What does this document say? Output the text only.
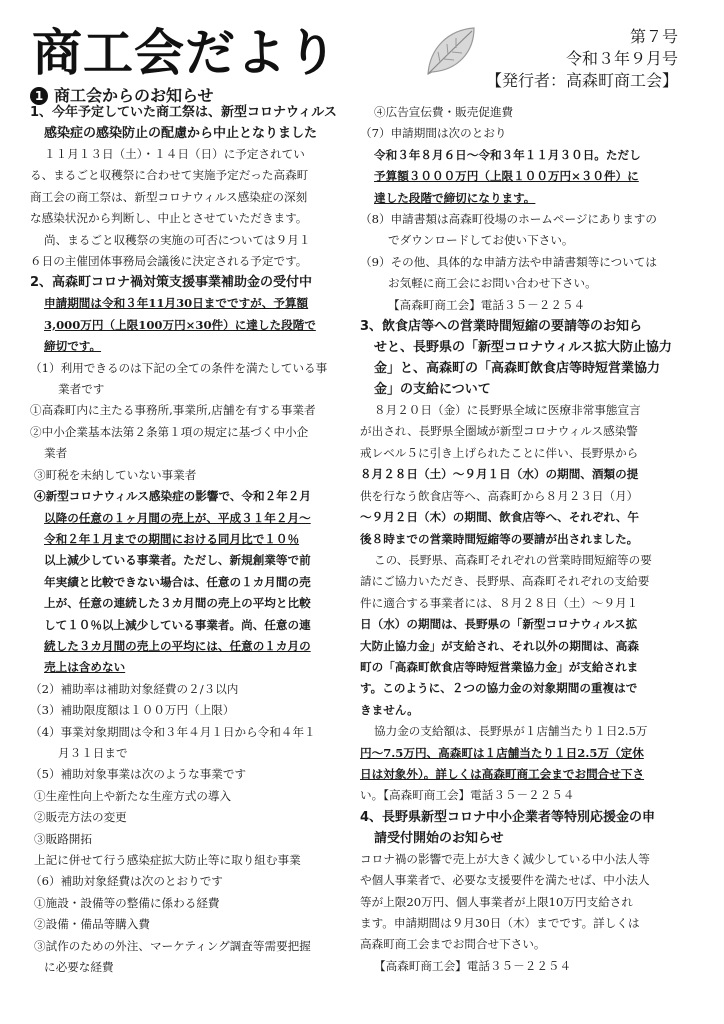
商工会だより	第７号
令和３年９月号
【発行者：高森町商工会】
1 商工会からのお知らせ

1、今年予定していた商工祭は、新型コロナウィルス

感染症の感染防止の配慮から中止となりました

１１月１３日（土）・１４日（日）に予定されてい

る、まるごと収穫祭に合わせて実施予定だった高森町

商工会の商工祭は、新型コロナウィルス感染症の深刻

な感染状況から判断し、中止とさせていただきます。

尚、まるごと収穫祭の実施の可否については９月１

６日の主催団体事務局会議後に決定される予定です。

2、高森町コロナ禍対策支援事業補助金の受付中

申請期間は令和３年11月30日までですが、予算額

3,000万円（上限100万円×30件）に達した段階で

締切です。

（1）利用できるのは下記の全ての条件を満たしている事

業者です

①高森町内に主たる事務所,事業所,店舗を有する事業者

②中小企業基本法第２条第１項の規定に基づく中小企

業者

③町税を未納していない事業者

④新型コロナウィルス感染症の影響で、令和２年２月

以降の任意の１ヶ月間の売上が、平成３１年２月～

令和２年１月までの期間における同月比で１０％

以上減少している事業者。ただし、新規創業等で前

年実績と比較できない場合は、任意の１カ月間の売

上が、任意の連続した３カ月間の売上の平均と比較

して１０％以上減少している事業者。尚、任意の連

続した３カ月間の売上の平均には、任意の１カ月の

売上は含めない

（2）補助率は補助対象経費の２/３以内

（3）補助限度額は１００万円（上限）

（4）事業対象期間は令和３年４月１日から令和４年１

月３１日まで

（5）補助対象事業は次のような事業です

①生産性向上や新たな生産方式の導入

②販売方法の変更

③販路開拓

上記に併せて行う感染症拡大防止等に取り組む事業

（6）補助対象経費は次のとおりです

①施設・設備等の整備に係わる経費

②設備・備品等購入費

③試作のための外注、マーケティング調査等需要把握

に必要な経費

④広告宣伝費・販売促進費

（7）申請期間は次のとおり

令和３年８月６日～令和３年１１月３０日。ただし

予算額３０００万円（上限１００万円×３０件）に

達した段階で締切になります。

（8）申請書類は高森町役場のホームページにありますの

でダウンロードしてお使い下さい。

（9）その他、具体的な申請方法や申請書類等については

お気軽に商工会にお問い合わせ下さい。

【高森町商工会】電話３５－２２５４

3、飲食店等への営業時間短縮の要請等のお知ら

せと、長野県の「新型コロナウィルス拡大防止協力

金」と、高森町の「高森町飲食店等時短営業協力

金」の支給について

８月２０日（金）に長野県全域に医療非常事態宣言

が出され、長野県全圏域が新型コロナウィルス感染警

戒レベル５に引き上げられたことに伴い、長野県から

８月２８日（土）～９月１日（水）の期間、酒類の提

供を行なう飲食店等へ、高森町から８月２３日（月）

～９月２日（木）の期間、飲食店等へ、それぞれ、午

後８時までの営業時間短縮等の要請が出されました。

この、長野県、高森町それぞれの営業時間短縮等の要

請にご協力いただき、長野県、高森町それぞれの支給要

件に適合する事業者には、８月２８日（土）～９月１

日（水）の期間は、長野県の「新型コロナウィルス拡

大防止協力金」が支給され、それ以外の期間は、高森

町の「高森町飲食店等時短営業協力金」が支給されま

す。このように、２つの協力金の対象期間の重複はで

きません。

協力金の支給額は、長野県が１店舗当たり１日2.5万

円～7.5万円、高森町は１店舗当たり１日2.5万（定休

日は対象外）。詳しくは高森町商工会までお問合せ下さ

い。【高森町商工会】電話３５－２２５４

4、長野県新型コロナ中小企業者等特別応援金の申

請受付開始のお知らせ

コロナ禍の影響で売上が大きく減少している中小法人等

や個人事業者で、必要な支援要件を満たせば、中小法人

等が上限20万円、個人事業者が上限10万円支給され

ます。申請期間は９月30日（木）までです。詳しくは

高森町商工会までお問合せ下さい。

【高森町商工会】電話３５－２２５４
